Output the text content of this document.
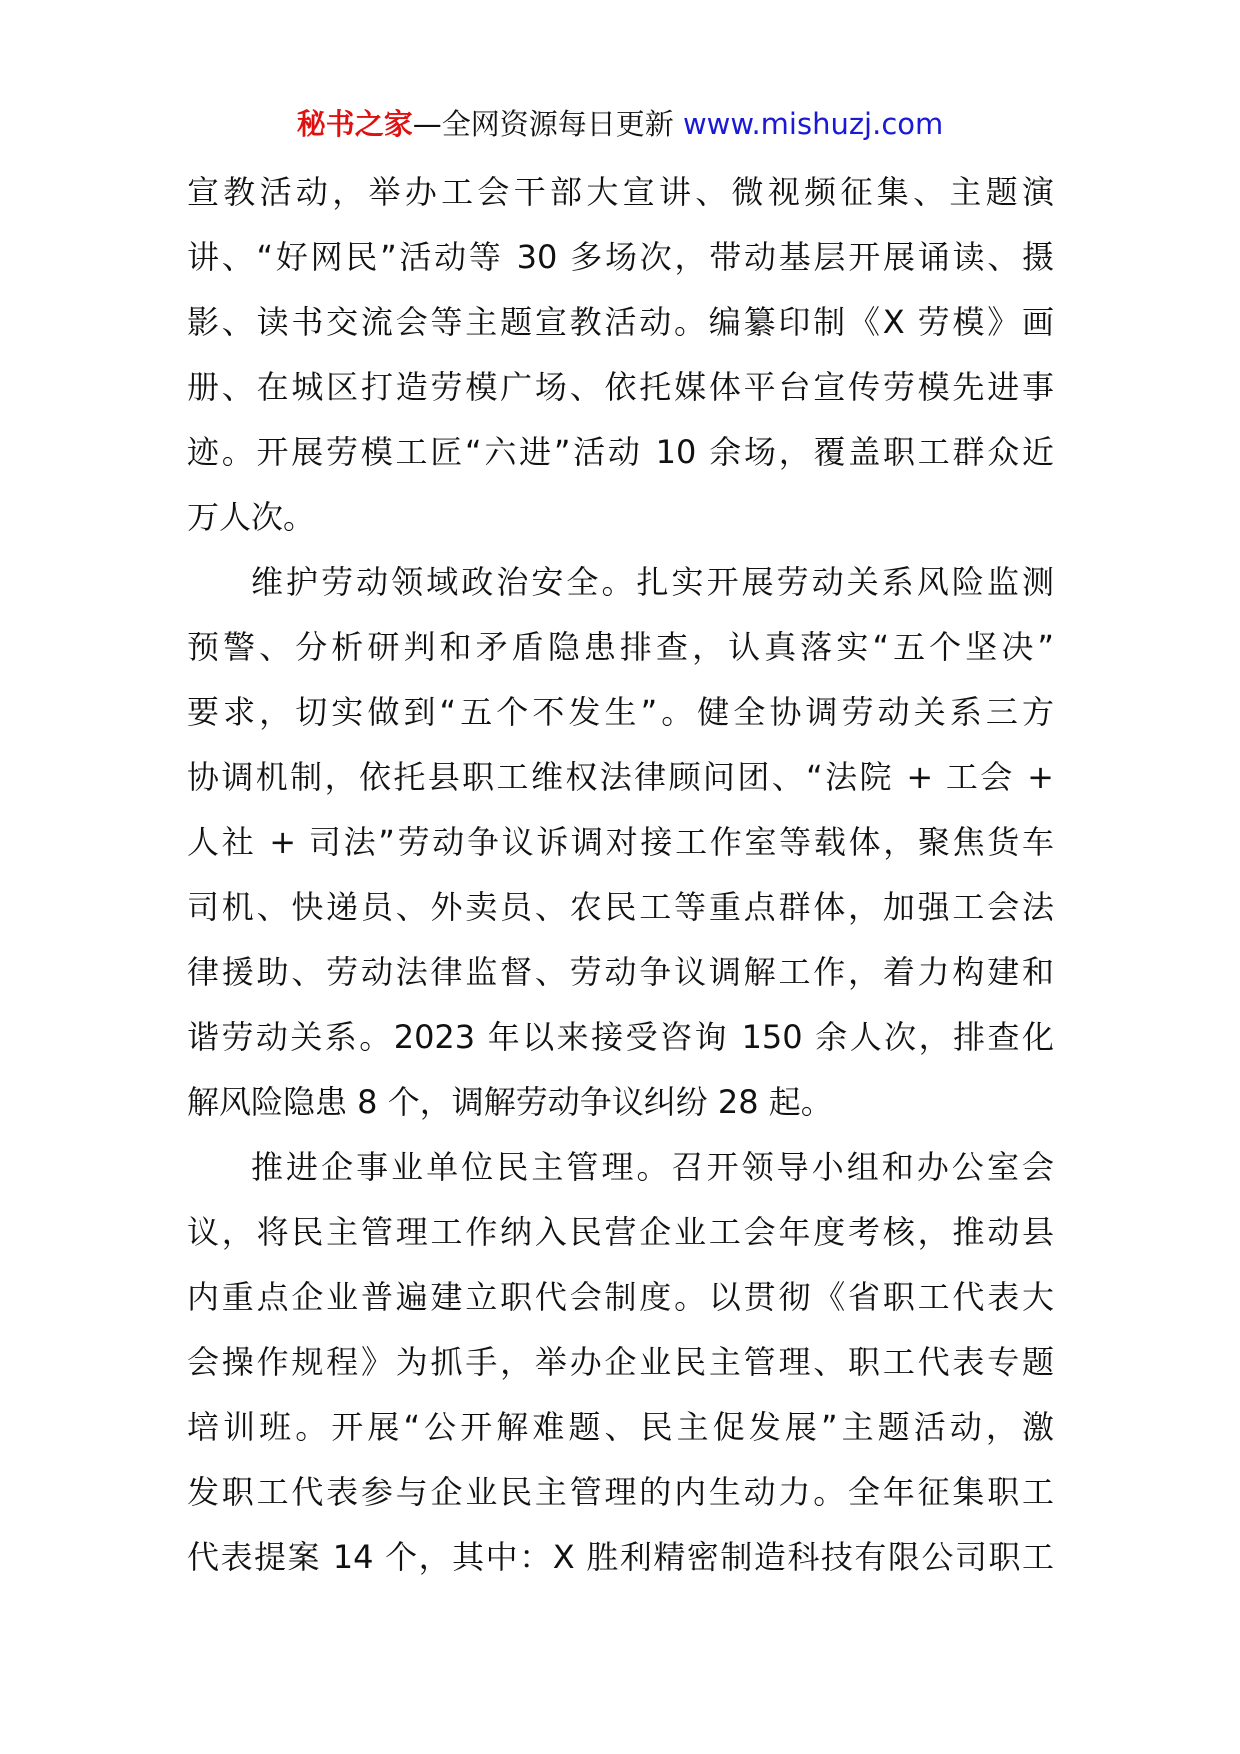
秘书之家—全网资源每日更新 www.mishuzj.com
宣教活动，举办工会干部大宣讲、微视频征集、主题演
讲、“好网民”活动等 30 多场次，带动基层开展诵读、摄
影、读书交流会等主题宣教活动。编纂印制《X 劳模》画
册、在城区打造劳模广场、依托媒体平台宣传劳模先进事
迹。开展劳模工匠“六进”活动 10 余场，覆盖职工群众近
万人次。
维护劳动领域政治安全。扎实开展劳动关系风险监测
预警、分析研判和矛盾隐患排查，认真落实“五个坚决”
要求，切实做到“五个不发生”。健全协调劳动关系三方
协调机制，依托县职工维权法律顾问团、“法院 + 工会 +
人社 + 司法”劳动争议诉调对接工作室等载体，聚焦货车
司机、快递员、外卖员、农民工等重点群体，加强工会法
律援助、劳动法律监督、劳动争议调解工作，着力构建和
谐劳动关系。2023 年以来接受咨询 150 余人次，排查化
解风险隐患 8 个，调解劳动争议纠纷 28 起。
推进企事业单位民主管理。召开领导小组和办公室会
议，将民主管理工作纳入民营企业工会年度考核，推动县
内重点企业普遍建立职代会制度。以贯彻《省职工代表大
会操作规程》为抓手，举办企业民主管理、职工代表专题
培训班。开展“公开解难题、民主促发展”主题活动，激
发职工代表参与企业民主管理的内生动力。全年征集职工
代表提案 14 个，其中：X 胜利精密制造科技有限公司职工
